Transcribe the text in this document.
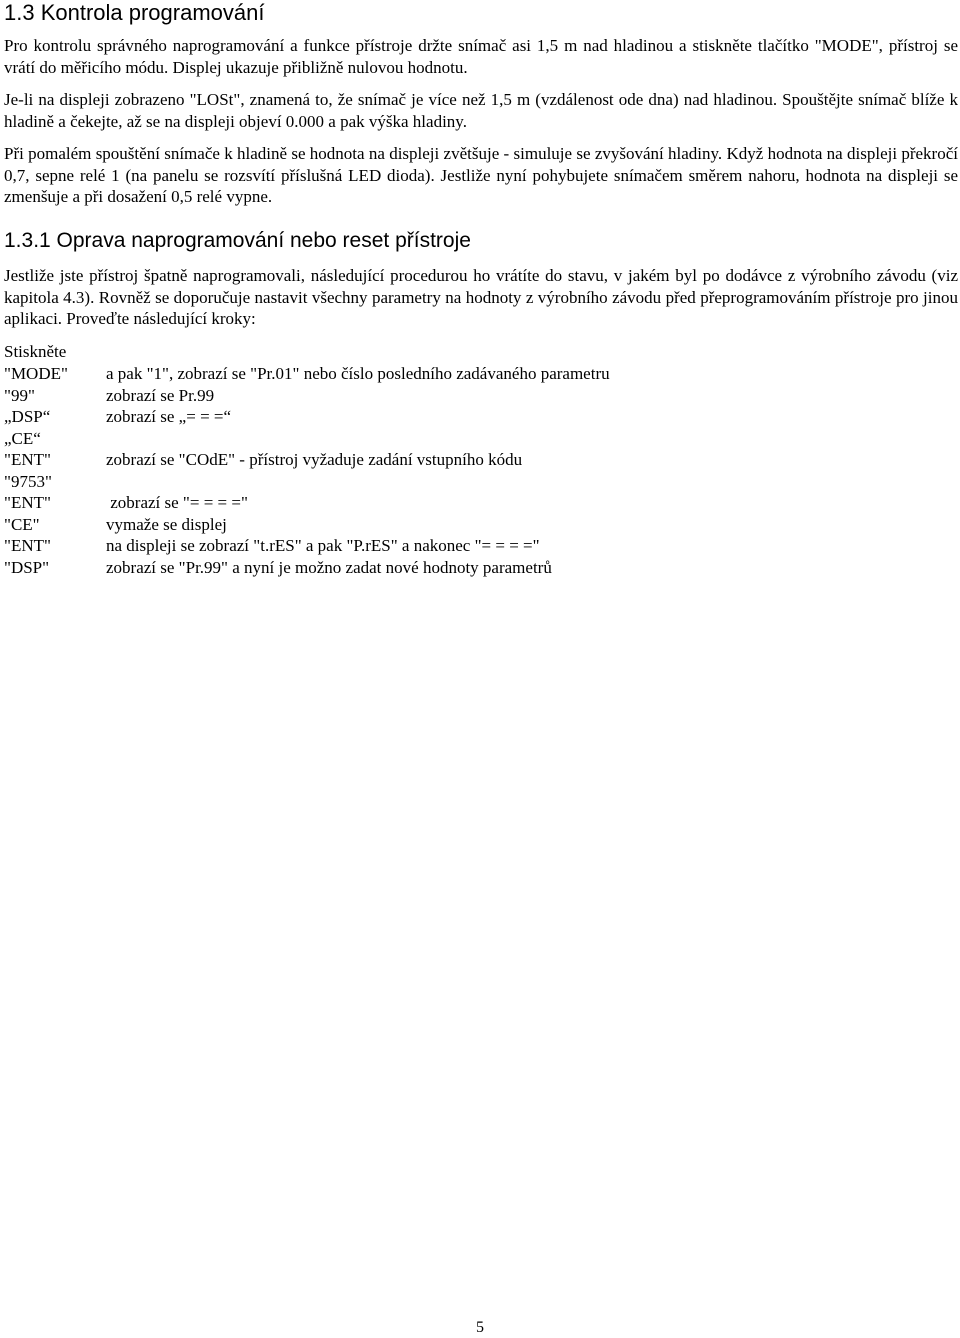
1.3 Kontrola programování

Pro kontrolu správného naprogramování a funkce přístroje držte snímač asi 1,5 m nad hladinou a stiskněte tlačítko "MODE", přístroj se vrátí do měřicího módu. Displej ukazuje přibližně nulovou hodnotu.

Je-li na displeji zobrazeno "LOSt", znamená to, že snímač je více než 1,5 m (vzdálenost ode dna) nad hladinou. Spouštějte snímač blíže k hladině a čekejte, až se na displeji objeví 0.000 a pak výška hladiny.

Při pomalém spouštění snímače k hladině se hodnota na displeji zvětšuje - simuluje se zvyšování hladiny. Když hodnota na displeji překročí 0,7, sepne relé 1 (na panelu se rozsvítí příslušná LED dioda). Jestliže nyní pohybujete snímačem směrem nahoru, hodnota na displeji se zmenšuje a při dosažení 0,5 relé vypne.

1.3.1 Oprava naprogramování nebo reset přístroje

Jestliže jste přístroj špatně naprogramovali, následující procedurou ho vrátíte do stavu, v jakém byl po dodávce z výrobního závodu (viz kapitola 4.3). Rovněž se doporučuje nastavit všechny parametry na hodnoty z výrobního závodu před přeprogramováním přístroje pro jinou aplikaci. Proveďte následující kroky:

Stiskněte
"MODE"	a pak "1", zobrazí se "Pr.01" nebo číslo posledního zadávaného parametru
"99"	zobrazí se Pr.99
„DSP“	zobrazí se „= = =“
„CE“
"ENT"	zobrazí se "COdE" - přístroj vyžaduje zadání vstupního kódu
"9753"
"ENT"	zobrazí se "= = = ="
"CE"	vymaže se displej
"ENT"	na displeji se zobrazí "t.rES" a pak "P.rES" a nakonec "= = = ="
"DSP"	zobrazí se "Pr.99" a nyní je možno zadat nové hodnoty parametrů
5
